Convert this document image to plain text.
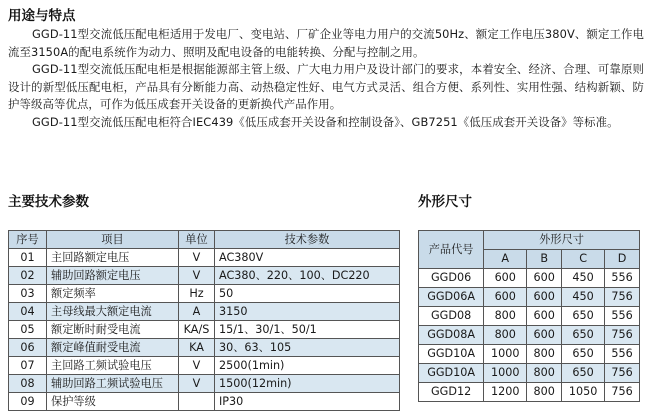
用途与特点

GGD-11型交流低压配电柜适用于发电厂、变电站、厂矿企业等电力用户的交流50Hz、额定工作电压380V、额定工作电流至3150A的配电系统作为动力、照明及配电设备的电能转换、分配与控制之用。

GGD-11型交流低压配电柜是根据能源部主管上级、广大电力用户及设计部门的要求，本着安全、经济、合理、可靠原则设计的新型低压配电柜，产品具有分断能力高、动热稳定性好、电气方式灵活、组合方便、系列性、实用性强、结构新颖、防护等级高等优点，可作为低压成套开关设备的更新换代产品作用。

GGD-11型交流低压配电柜符合IEC439《低压成套开关设备和控制设备》、GB7251《低压成套开关设备》等标准。

主要技术参数
序号	项目	单位	技术参数
01	主回路额定电压	V	AC380V
02	辅助回路额定电压	V	AC380、220、100、DC220
03	额定频率	Hz	50
04	主母线最大额定电流	A	3150
05	额定断时耐受电流	KA/S	15/1、30/1、50/1
06	额定峰值耐受电流	KA	30、63、105
07	主回路工频试验电压	V	2500(1min)
08	辅助回路工频试验电压	V	1500(12min)
09	保护等级		IP30
外形尺寸
产品代号	外形尺寸			
	A	B	C	D
GGD06	600	600	450	556
GGD06A	600	600	450	756
GGD08	800	600	650	556
GGD08A	800	600	650	756
GGD10A	1000	800	650	556
GGD10A	1000	800	650	756
GGD12	1200	800	1050	756
